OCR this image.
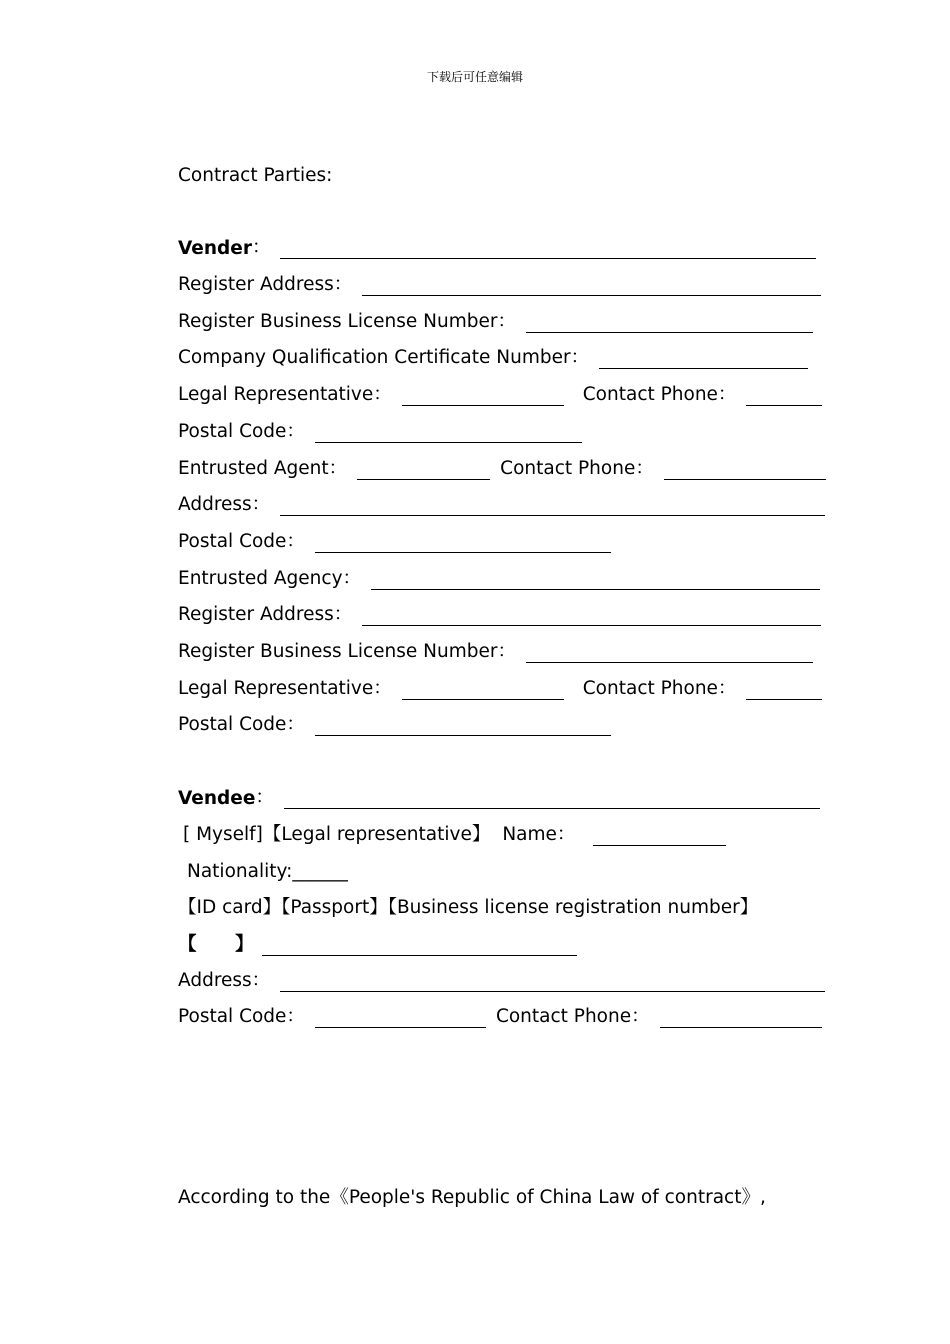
下载后可任意编辑
Contract Parties:
Vender ：
Register Address：
Register Business License Number：
Company Qualification Certificate Number：
Legal Representative：	Contact Phone：
Postal Code：
Entrusted Agent：	Contact Phone：
Address：
Postal Code：
Entrusted Agency：
Register Address：
Register Business License Number：
Legal Representative：	Contact Phone：
Postal Code：
Vendee ：
[ Myself]【Legal representative】 Name：
Nationality:______
【ID card】【Passport】【Business license registration number】
【      】
Address：
Postal Code：	Contact Phone：
According to the《People's Republic of China Law of contract》,
